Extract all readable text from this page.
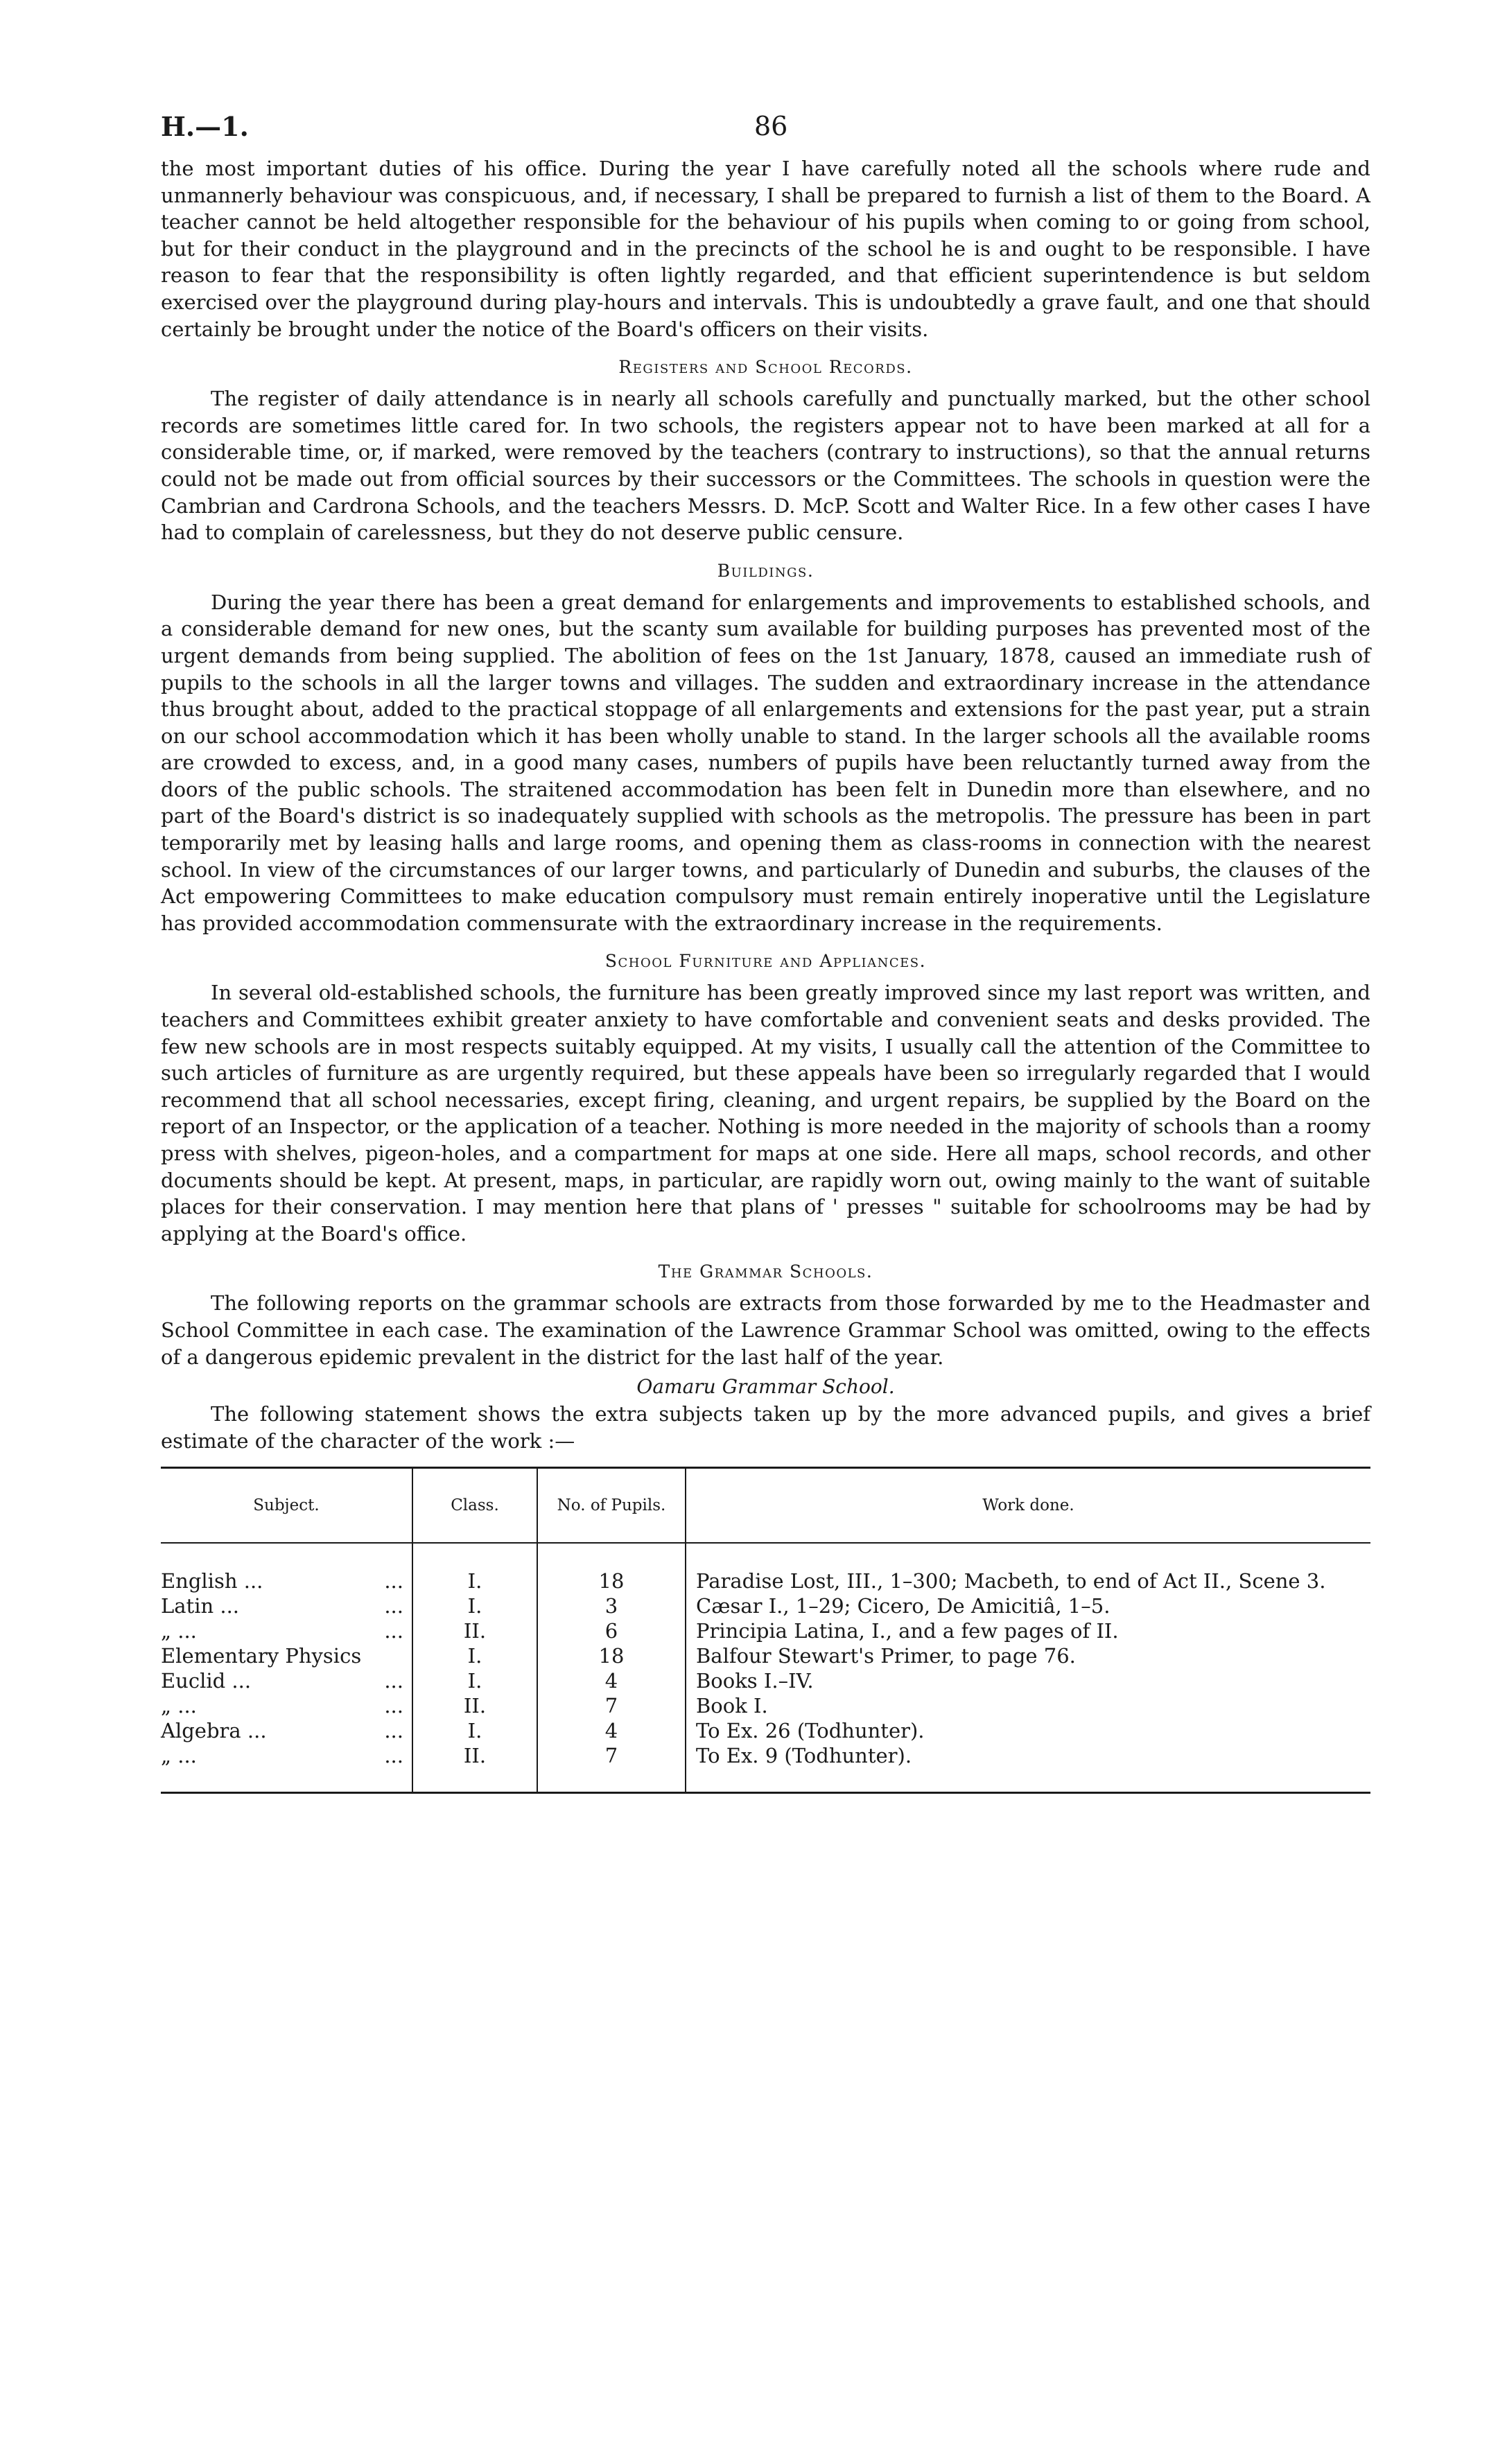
H.—1.	86

the most important duties of his office. During the year I have carefully noted all the schools where rude and unmannerly behaviour was conspicuous, and, if necessary, I shall be prepared to furnish a list of them to the Board. A teacher cannot be held altogether responsible for the behaviour of his pupils when coming to or going from school, but for their conduct in the playground and in the precincts of the school he is and ought to be responsible. I have reason to fear that the responsibility is often lightly regarded, and that efficient superintendence is but seldom exercised over the playground during play-hours and intervals. This is undoubtedly a grave fault, and one that should certainly be brought under the notice of the Board's officers on their visits.

Registers and School Records.

The register of daily attendance is in nearly all schools carefully and punctually marked, but the other school records are sometimes little cared for. In two schools, the registers appear not to have been marked at all for a considerable time, or, if marked, were removed by the teachers (contrary to instructions), so that the annual returns could not be made out from official sources by their successors or the Committees. The schools in question were the Cambrian and Cardrona Schools, and the teachers Messrs. D. McP. Scott and Walter Rice. In a few other cases I have had to complain of carelessness, but they do not deserve public censure.

Buildings.

During the year there has been a great demand for enlargements and improvements to established schools, and a considerable demand for new ones, but the scanty sum available for building purposes has prevented most of the urgent demands from being supplied. The abolition of fees on the 1st January, 1878, caused an immediate rush of pupils to the schools in all the larger towns and villages. The sudden and extraordinary increase in the attendance thus brought about, added to the practical stoppage of all enlargements and extensions for the past year, put a strain on our school accommodation which it has been wholly unable to stand. In the larger schools all the available rooms are crowded to excess, and, in a good many cases, numbers of pupils have been reluctantly turned away from the doors of the public schools. The straitened accommodation has been felt in Dunedin more than elsewhere, and no part of the Board's district is so inadequately supplied with schools as the metropolis. The pressure has been in part temporarily met by leasing halls and large rooms, and opening them as class-rooms in connection with the nearest school. In view of the circumstances of our larger towns, and particularly of Dunedin and suburbs, the clauses of the Act empowering Committees to make education compulsory must remain entirely inoperative until the Legislature has provided accommodation commensurate with the extraordinary increase in the requirements.

School Furniture and Appliances.

In several old-established schools, the furniture has been greatly improved since my last report was written, and teachers and Committees exhibit greater anxiety to have comfortable and convenient seats and desks provided. The few new schools are in most respects suitably equipped. At my visits, I usually call the attention of the Committee to such articles of furniture as are urgently required, but these appeals have been so irregularly regarded that I would recommend that all school necessaries, except firing, cleaning, and urgent repairs, be supplied by the Board on the report of an Inspector, or the application of a teacher. Nothing is more needed in the majority of schools than a roomy press with shelves, pigeon-holes, and a compartment for maps at one side. Here all maps, school records, and other documents should be kept. At present, maps, in particular, are rapidly worn out, owing mainly to the want of suitable places for their conservation. I may mention here that plans of ' presses " suitable for schoolrooms may be had by applying at the Board's office.

The Grammar Schools.

The following reports on the grammar schools are extracts from those forwarded by me to the Headmaster and School Committee in each case. The examination of the Lawrence Grammar School was omitted, owing to the effects of a dangerous epidemic prevalent in the district for the last half of the year.

Oamaru Grammar School.

The following statement shows the extra subjects taken up by the more advanced pupils, and gives a brief estimate of the character of the work :—

Subject.	Class.	No. of Pupils.	Work done.

English ... ...	I.	18	Paradise Lost, III., 1–300; Macbeth, to end of Act II., Scene 3.

Latin ... ...	I.	3	Cæsar I., 1–29; Cicero, De Amicitiâ, 1–5.

„ ... ...	II.	6	Principia Latina, I., and a few pages of II.

Elementary Physics	I.	18	Balfour Stewart's Primer, to page 76.

Euclid ... ...	I.	4	Books I.–IV.

„ ... ...	II.	7	Book I.

Algebra ... ...	I.	4	To Ex. 26 (Todhunter).

„ ... ...	II.	7	To Ex. 9 (Todhunter).
